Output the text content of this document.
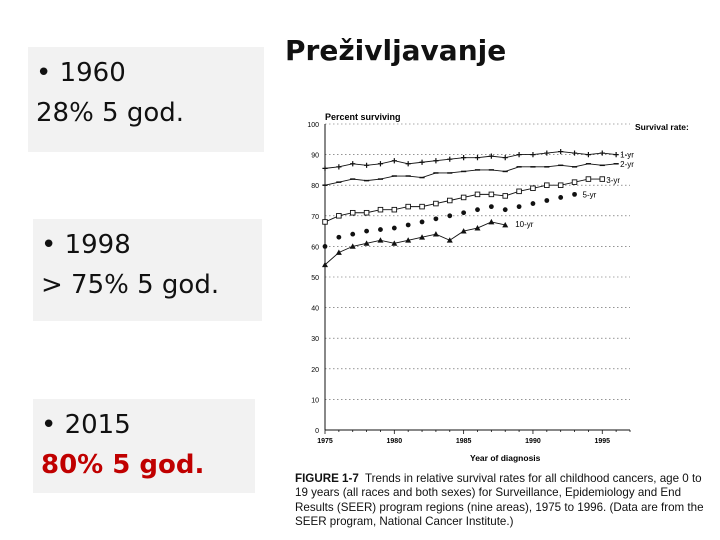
Preživljavanje
• 1960
28% 5 god.
• 1998
> 75% 5 god.
• 2015
80% 5 god.
0
10
20
30
40
50
60
70
80
90
100
1975	1980	1985	1990	1995
1-yr
2-yr
3-yr
5-yr
10-yr
Percent surviving
Year of diagnosis
Survival rate:
FIGURE 1-7 Trends in relative survival rates for all childhood cancers, age 0 to 19 years (all races and both sexes) for Surveillance, Epidemiology and End Results (SEER) program regions (nine areas), 1975 to 1996. (Data are from the SEER program, National Cancer Institute.)
